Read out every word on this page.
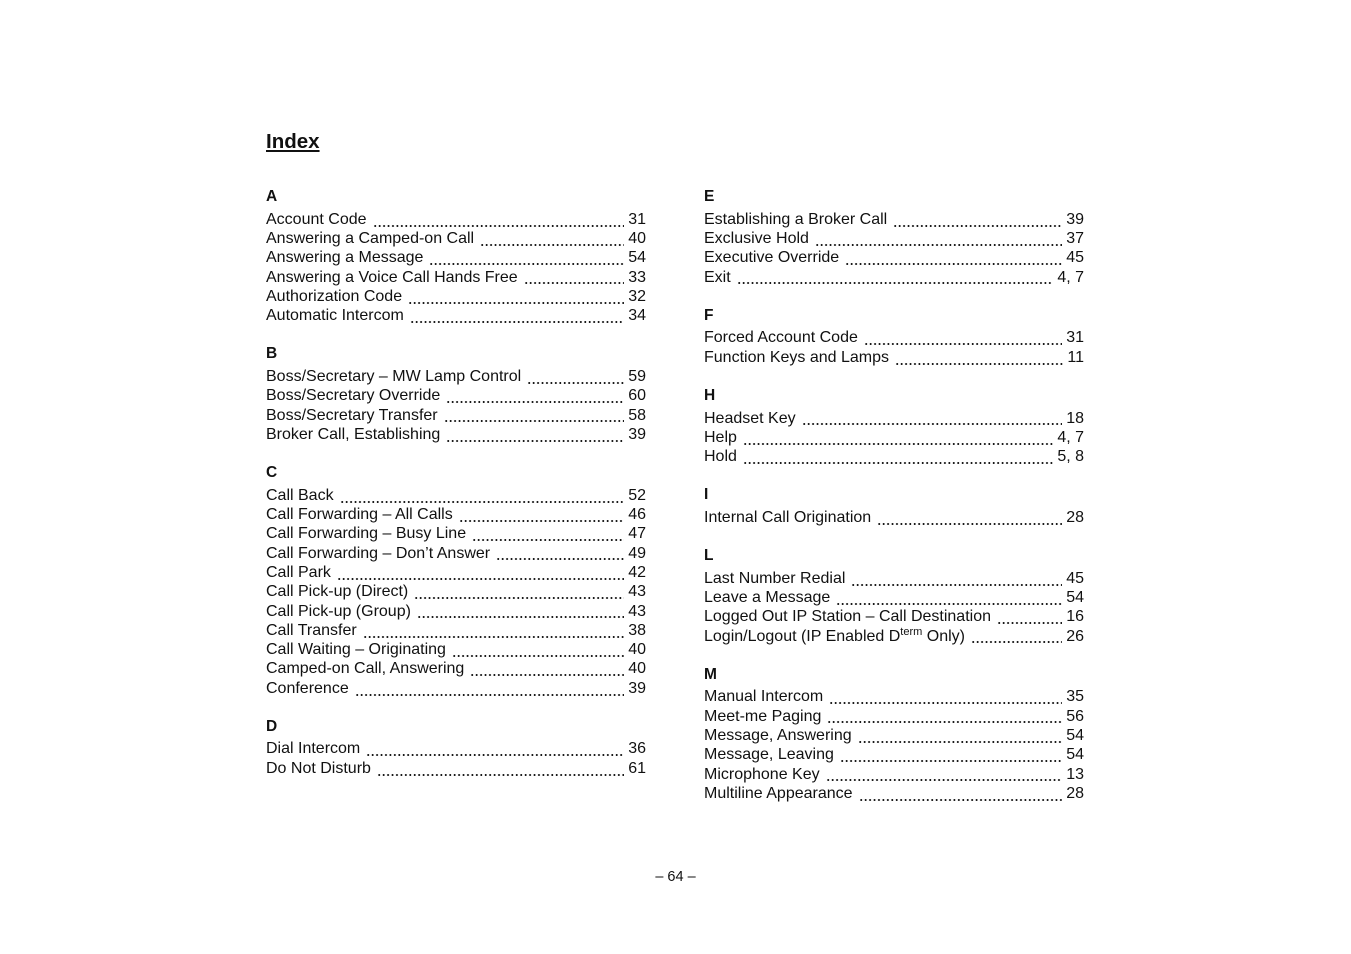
Index
A
Account Code	31
Answering a Camped-on Call	40
Answering a Message	54
Answering a Voice Call Hands Free	33
Authorization Code	32
Automatic Intercom	34
B
Boss/Secretary – MW Lamp Control	59
Boss/Secretary Override	60
Boss/Secretary Transfer	58
Broker Call, Establishing	39
C
Call Back	52
Call Forwarding – All Calls	46
Call Forwarding – Busy Line	47
Call Forwarding – Don’t Answer	49
Call Park	42
Call Pick-up (Direct)	43
Call Pick-up (Group)	43
Call Transfer	38
Call Waiting – Originating	40
Camped-on Call, Answering	40
Conference	39
D
Dial Intercom	36
Do Not Disturb	61
E
Establishing a Broker Call	39
Exclusive Hold	37
Executive Override	45
Exit	4, 7
F
Forced Account Code	31
Function Keys and Lamps	11
H
Headset Key	18
Help	4, 7
Hold	5, 8
I
Internal Call Origination	28
L
Last Number Redial	45
Leave a Message	54
Logged Out IP Station – Call Destination	16
Login/Logout (IP Enabled $D^{term}$ Only)	26
M
Manual Intercom	35
Meet-me Paging	56
Message, Answering	54
Message, Leaving	54
Microphone Key	13
Multiline Appearance	28
– 64 –
